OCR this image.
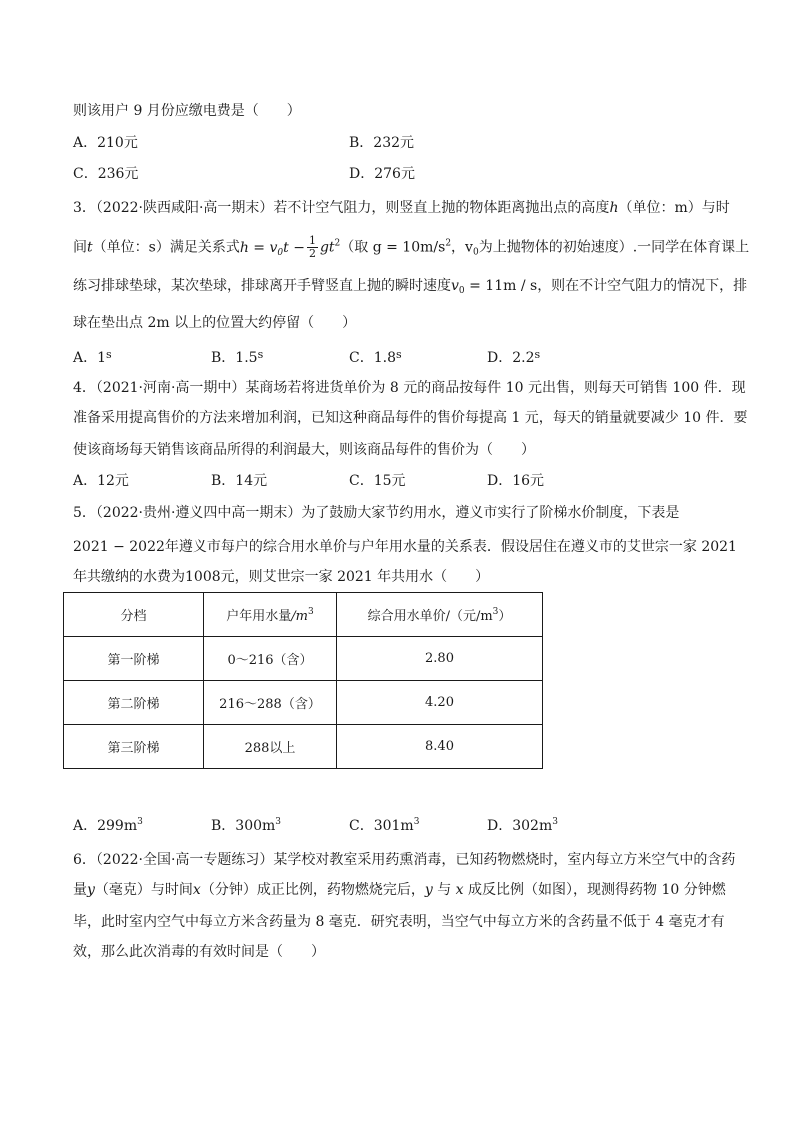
则该用户 9 月份应缴电费是（　　）
A．210元	B．232元
C．236元	D．276元
3．（2022·陕西咸阳·高一期末）若不计空气阻力，则竖直上抛的物体距离抛出点的高度h（单位：m）与时
间t（单位：s）满足关系式$h = v_0t - \frac{1}{2} gt^2$（取 $g = 10m/s^2$，$v_0$为上抛物体的初始速度）.一同学在体育课上
练习排球垫球，某次垫球，排球离开手臂竖直上抛的瞬时速度$v_0 = 11m / s$，则在不计空气阻力的情况下，排
球在垫出点 2m 以上的位置大约停留（　　）
A．1$^s$	B．1.5$^s$	C．1.8$^s$	D．2.2$^s$
4．（2021·河南·高一期中）某商场若将进货单价为 8 元的商品按每件 10 元出售，则每天可销售 100 件．现
准备采用提高售价的方法来增加利润，已知这种商品每件的售价每提高 1 元，每天的销量就要减少 10 件．要
使该商场每天销售该商品所得的利润最大，则该商品每件的售价为（　　）
A．12元	B．14元	C．15元	D．16元
5．（2022·贵州·遵义四中高一期末）为了鼓励大家节约用水，遵义市实行了阶梯水价制度，下表是
2021 − 2022年遵义市每户的综合用水单价与户年用水量的关系表．假设居住在遵义市的艾世宗一家 2021
年共缴纳的水费为1008元，则艾世宗一家 2021 年共用水（　　）
分档	户年用水量$/m^3$	综合用水单价/（元$/m^3$）
第一阶梯	0～216（含）	2.80
第二阶梯	216～288（含）	4.20
第三阶梯	288以上	8.40
A．$299m^3$	B．$300m^3$	C．$301m^3$	D．$302m^3$
6．（2022·全国·高一专题练习）某学校对教室采用药熏消毒，已知药物燃烧时，室内每立方米空气中的含药
量y（毫克）与时间x（分钟）成正比例，药物燃烧完后，y 与 x 成反比例（如图），现测得药物 10 分钟燃
毕，此时室内空气中每立方米含药量为 8 毫克．研究表明，当空气中每立方米的含药量不低于 4 毫克才有
效，那么此次消毒的有效时间是（　　）
